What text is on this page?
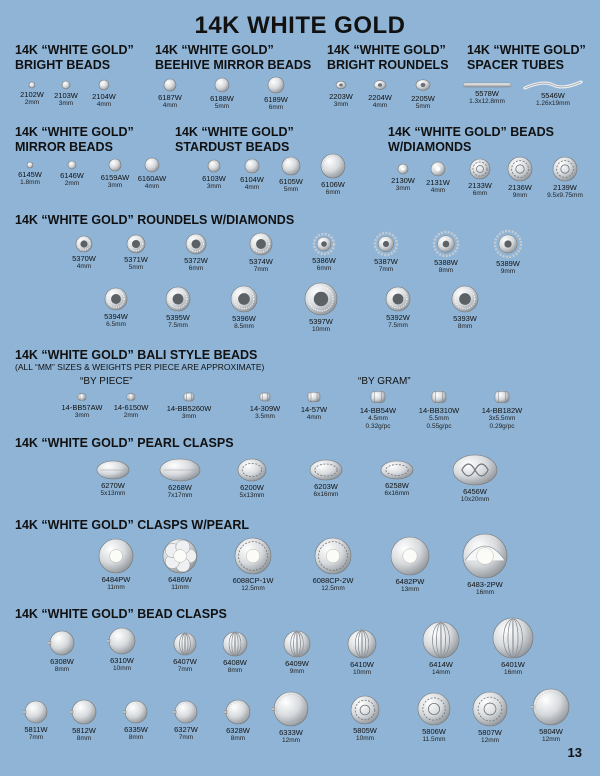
14K WHITE GOLD
14K “WHITE GOLD”
BRIGHT BEADS
2102W
2mm
2103W
3mm
2104W
4mm
14K “WHITE GOLD”
BEEHIVE MIRROR BEADS
6187W
4mm
6188W
5mm
6189W
6mm
14K “WHITE GOLD”
BRIGHT ROUNDELS
2203W
3mm
2204W
4mm
2205W
5mm
14K “WHITE GOLD”
SPACER TUBES
5578W
1.3x12.8mm
5546W
1.26x19mm
14K “WHITE GOLD”
MIRROR BEADS
6145W
1.8mm
6146W
2mm
6159AW
3mm
6160AW
4mm
14K “WHITE GOLD”
STARDUST BEADS
6103W
3mm
6104W
4mm
6105W
5mm
6106W
6mm
14K “WHITE GOLD” BEADS
W/DIAMONDS
2130W
3mm
2131W
4mm
2133W
6mm
2136W
9mm
2139W
9.5x9.75mm
14K “WHITE GOLD” ROUNDELS W/DIAMONDS
5370W
4mm
5371W
5mm
5372W
6mm
5374W
7mm
5386W
6mm
5387W
7mm
5388W
8mm
5389W
9mm
5394W
6.5mm
5395W
7.5mm
5396W
8.5mm
5397W
10mm
5392W
7.5mm
5393W
8mm
14K “WHITE GOLD” BALI STYLE BEADS
(ALL “MM” SIZES & WEIGHTS PER PIECE ARE APPROXIMATE)
“BY PIECE”	“BY GRAM”
14-BB57AW
3mm
14-6150W
2mm
14-BB5260W
3mm
14-309W
3.5mm
14-57W
4mm
14-BB54W
4.5mm
0.32g/pc
14-BB310W
5.5mm
0.55g/pc
14-BB182W
3x5.5mm
0.29g/pc
14K “WHITE GOLD” PEARL CLASPS
6270W
5x13mm
6268W
7x17mm
6200W
5x13mm
6203W
6x16mm
6258W
6x16mm	6456W
10x20mm
14K “WHITE GOLD” CLASPS W/PEARL
6484PW
11mm
6486W
11mm
6088CP-1W
12.5mm
6088CP-2W
12.5mm
6482PW
13mm
6483-2PW
16mm
14K “WHITE GOLD” BEAD CLASPS
6308W
8mm
6310W
10mm
6407W
7mm
6408W
8mm
6409W
9mm
6410W
10mm
6414W
14mm
6401W
16mm
5811W
7mm
5812W
8mm
6335W
8mm
6327W
7mm
6328W
8mm
6333W
12mm
5805W
10mm
5806W
11.5mm
5807W
12mm
5804W
12mm
13
